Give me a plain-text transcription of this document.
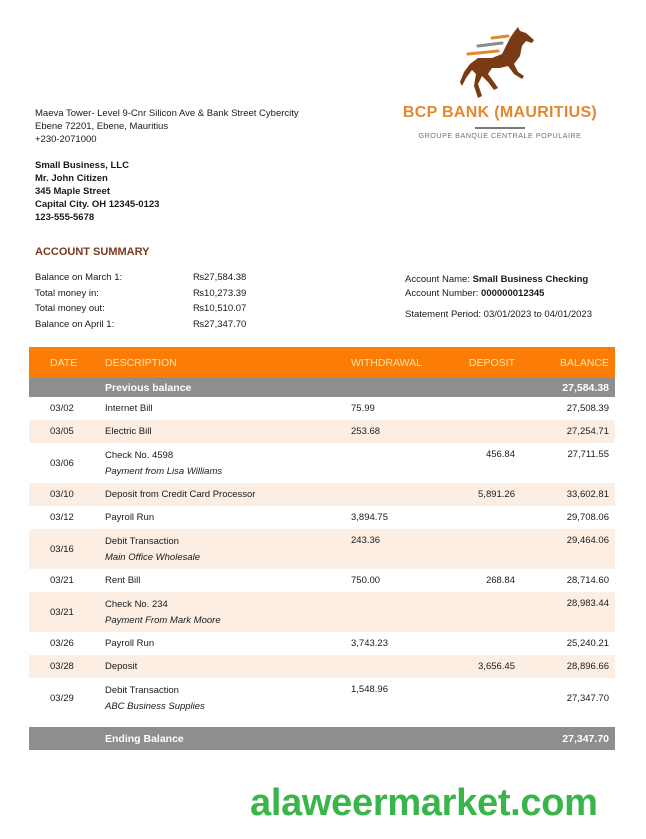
Maeva Tower- Level 9-Cnr Silicon Ave & Bank Street Cybercity
Ebene 72201, Ebene, Mauritius
+230-2071000
Small Business, LLC
Mr. John Citizen
345 Maple Street
Capital City. OH 12345-0123
123-555-5678
BCP BANK (MAURITIUS)
GROUPE BANQUE CENTRALE POPULAIRE
ACCOUNT SUMMARY
Balance on March 1:	₨27,584.38
Total money in:	₨10,273.39
Total money out:	₨10,510.07
Balance on April 1:	₨27,347.70
Account Name: Small Business Checking
Account Number: 000000012345
Statement Period: 03/01/2023 to 04/01/2023
DATE	DESCRIPTION	WITHDRAWAL	DEPOSIT	BALANCE
	Previous balance			27,584.38
03/02	Internet Bill	75.99		27,508.39
03/05	Electric Bill	253.68		27,254.71
03/06	Check No. 4598
Payment from Lisa Williams		456.84	27,711.55
03/10	Deposit from Credit Card Processor		5,891.26	33,602.81
03/12	Payroll Run	3,894.75		29,708.06
03/16	Debit Transaction
Main Office Wholesale	243.36		29,464.06
03/21	Rent Bill	750.00	268.84	28,714.60
03/21	Check No. 234
Payment From Mark Moore			28,983.44
03/26	Payroll Run	3,743.23		25,240.21
03/28	Deposit		3,656.45	28,896.66
03/29	Debit Transaction
ABC Business Supplies	1,548.96		27,347.70

	Ending Balance			27,347.70
alaweermarket.com
